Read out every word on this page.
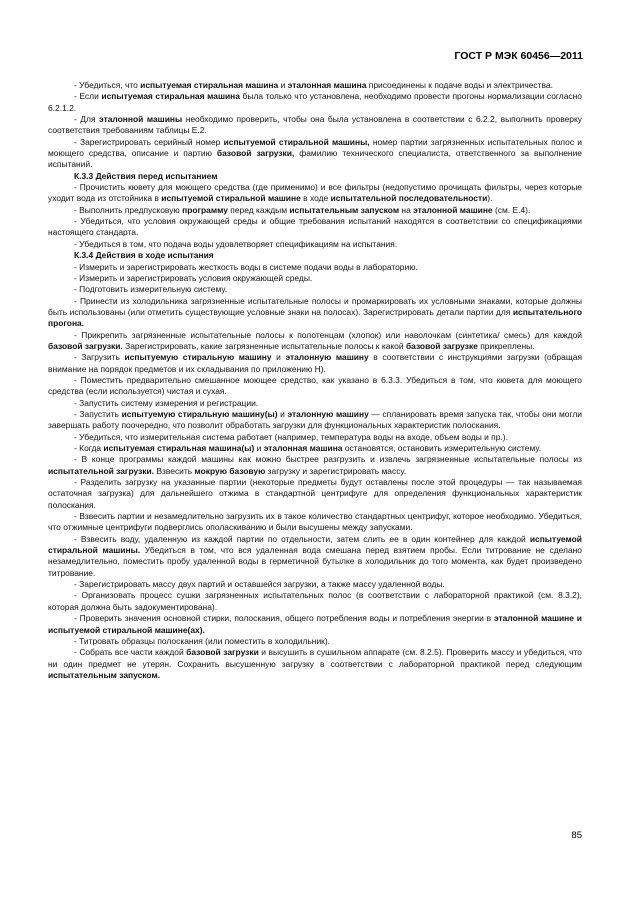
ГОСТ Р МЭК 60456—2011

- Убедиться, что испытуемая стиральная машина и эталонная машина присоединены к подаче воды и электричества.

- Если испытуемая стиральная машина была только что установлена, необходимо провести прогоны нормализации согласно 6.2.1.2.

- Для эталонной машины необходимо проверить, чтобы она была установлена в соответствии с 6.2.2, выполнить проверку соответствия требованиям таблицы Е.2.

- Зарегистрировать серийный номер испытуемой стиральной машины, номер партии загрязненных испытательных полос и моющего средства, описание и партию базовой загрузки, фамилию технического специалиста, ответственного за выполнение испытаний.

К.3.3 Действия перед испытанием

- Прочистить кювету для моющего средства (где применимо) и все фильтры (недопустимо прочищать фильтры, через которые уходит вода из отстойника в испытуемой стиральной машине в ходе испытательной последовательности).

- Выполнить предпусковую программу перед каждым испытательным запуском на эталонной машине (см. Е.4).

- Убедиться, что условия окружающей среды и общие требования испытаний находятся в соответствии со спецификациями настоящего стандарта.

- Убедиться в том, что подача воды удовлетворяет спецификациям на испытания.

К.3.4 Действия в ходе испытания

- Измерить и зарегистрировать жесткость воды в системе подачи воды в лабораторию.

- Измерить и зарегистрировать условия окружающей среды.

- Подготовить измерительную систему.

- Принести из холодильника загрязненные испытательные полосы и промаркировать их условными знаками, которые должны быть использованы (или отметить существующие условные знаки на полосах). Зарегистрировать детали партии для испытательного прогона.

- Прикрепить загрязненные испытательные полосы к полотенцам (хлопок) или наволочкам (синтетика/ смесь) для каждой базовой загрузки. Зарегистрировать, какие загрязненные испытательные полосы к какой базовой загрузке прикреплены.

- Загрузить испытуемую стиральную машину и эталонную машину в соответствии с инструкциями загрузки (обращая внимание на порядок предметов и их складывания по приложению Н).

- Поместить предварительно смешанное моющее средство, как указано в 6.3.3. Убедиться в том, что кювета для моющего средства (если используется) чистая и сухая.

- Запустить систему измерения и регистрации.

- Запустить испытуемую стиральную машину(ы) и эталонную машину — спланировать время запуска так, чтобы они могли завершать работу поочередно, что позволит обработать загрузки для функциональных характеристик полоскания.

- Убедиться, что измерительная система работает (например, температура воды на входе, объем воды и пр.).

- Когда испытуемая стиральная машина(ы) и эталонная машина остановятся, остановить измерительную систему.

- В конце программы каждой машины как можно быстрее разгрузить и извлечь загрязненные испытательные полосы из испытательной загрузки. Взвесить мокрую базовую загрузку и зарегистрировать массу.

- Разделить загрузку на указанные партии (некоторые предметы будут оставлены после этой процедуры — так называемая остаточная загрузка) для дальнейшего отжима в стандартной центрифуге для определения функциональных характеристик полоскания.

- Взвесить партии и незамедлительно загрузить их в такое количество стандартных центрифуг, которое необходимо. Убедиться, что отжимные центрифуги подверглись ополаскиванию и были высушены между запусками.

- Взвесить воду, удаленную из каждой партии по отдельности, затем слить ее в один контейнер для каждой испытуемой стиральной машины. Убедиться в том, что вся удаленная вода смешана перед взятием пробы. Если титрование не сделано незамедлительно, поместить пробу удаленной воды в герметичной бутылке в холодильник до того момента, как будет произведено титрование.

- Зарегистрировать массу двух партий и оставшейся загрузки, а также массу удаленной воды.

- Организовать процесс сушки загрязненных испытательных полос (в соответствии с лабораторной практикой (см. 8.3.2), которая должна быть задокументирована).

- Проверить значения основной стирки, полоскания, общего потребления воды и потребления энергии в эталонной машине и испытуемой стиральной машине(ах).

- Титровать образцы полоскания (или поместить в холодильник).

- Собрать все части каждой базовой загрузки и высушить в сушильном аппарате (см. 8.2.5). Проверить массу и убедиться, что ни один предмет не утерян. Сохранить высушенную загрузку в соответствии с лабораторной практикой перед следующим испытательным запуском.

85
